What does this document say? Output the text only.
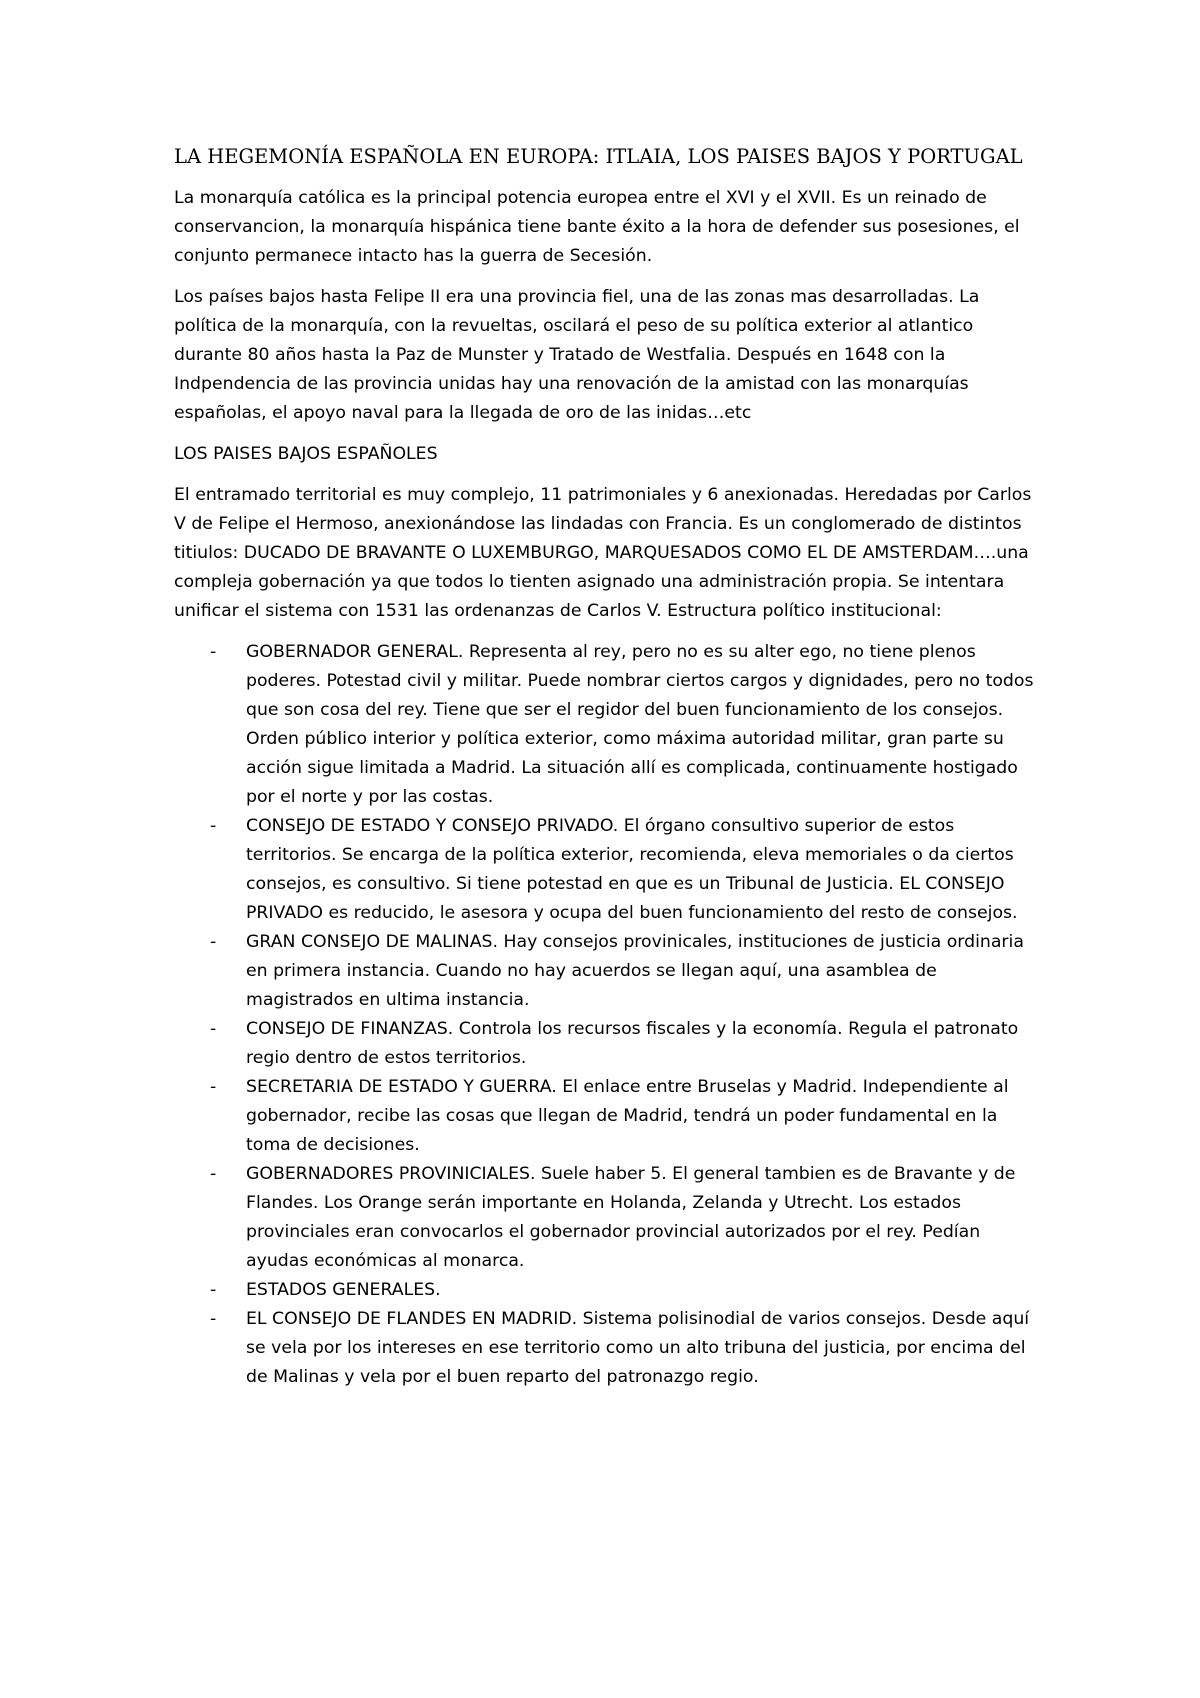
LA HEGEMONÍA ESPAÑOLA EN EUROPA: ITLAIA, LOS PAISES BAJOS Y PORTUGAL

La monarquía católica es la principal potencia europea entre el XVI y el XVII. Es un reinado de conservancion, la monarquía hispánica tiene bante éxito a la hora de defender sus posesiones, el conjunto permanece intacto has la guerra de Secesión.

Los países bajos hasta Felipe II era una provincia fiel, una de las zonas mas desarrolladas. La política de la monarquía, con la revueltas, oscilará el peso de su política exterior al atlantico durante 80 años hasta la Paz de Munster y Tratado de Westfalia. Después en 1648 con la Indpendencia de las provincia unidas hay una renovación de la amistad con las monarquías españolas, el apoyo naval para la llegada de oro de las inidas…etc

LOS PAISES BAJOS ESPAÑOLES

El entramado territorial es muy complejo, 11 patrimoniales y 6 anexionadas. Heredadas por Carlos V de Felipe el Hermoso, anexionándose las lindadas con Francia. Es un conglomerado de distintos titiulos: DUCADO DE BRAVANTE O LUXEMBURGO, MARQUESADOS COMO EL DE AMSTERDAM….una compleja gobernación ya que todos lo tienten asignado una administración propia. Se intentara unificar el sistema con 1531 las ordenanzas de Carlos V. Estructura político institucional:

- GOBERNADOR GENERAL. Representa al rey, pero no es su alter ego, no tiene plenos poderes. Potestad civil y militar. Puede nombrar ciertos cargos y dignidades, pero no todos que son cosa del rey. Tiene que ser el regidor del buen funcionamiento de los consejos. Orden público interior y política exterior, como máxima autoridad militar, gran parte su acción sigue limitada a Madrid. La situación allí es complicada, continuamente hostigado por el norte y por las costas.
- CONSEJO DE ESTADO Y CONSEJO PRIVADO. El órgano consultivo superior de estos territorios. Se encarga de la política exterior, recomienda, eleva memoriales o da ciertos consejos, es consultivo. Si tiene potestad en que es un Tribunal de Justicia. EL CONSEJO PRIVADO es reducido, le asesora y ocupa del buen funcionamiento del resto de consejos.
- GRAN CONSEJO DE MALINAS. Hay consejos provinicales, instituciones de justicia ordinaria en primera instancia. Cuando no hay acuerdos se llegan aquí, una asamblea de magistrados en ultima instancia.
- CONSEJO DE FINANZAS. Controla los recursos fiscales y la economía. Regula el patronato regio dentro de estos territorios.
- SECRETARIA DE ESTADO Y GUERRA. El enlace entre Bruselas y Madrid. Independiente al gobernador, recibe las cosas que llegan de Madrid, tendrá un poder fundamental en la toma de decisiones.
- GOBERNADORES PROVINICIALES. Suele haber 5. El general tambien es de Bravante y de Flandes. Los Orange serán importante en Holanda, Zelanda y Utrecht. Los estados provinciales eran convocarlos el gobernador provincial autorizados por el rey. Pedían ayudas económicas al monarca.
- ESTADOS GENERALES.
- EL CONSEJO DE FLANDES EN MADRID. Sistema polisinodial de varios consejos. Desde aquí se vela por los intereses en ese territorio como un alto tribuna del justicia, por encima del de Malinas y vela por el buen reparto del patronazgo regio.
